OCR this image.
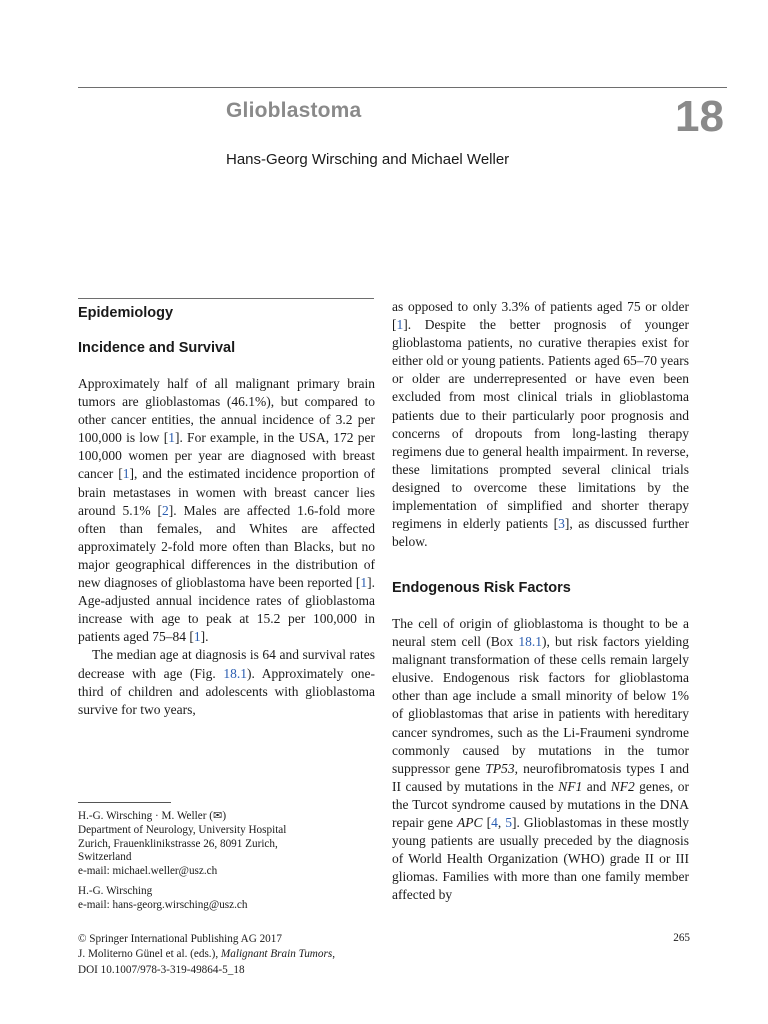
Glioblastoma	18
Hans-Georg Wirsching and Michael Weller
Epidemiology
Incidence and Survival

Approximately half of all malignant primary brain tumors are glioblastomas (46.1%), but compared to other cancer entities, the annual incidence of 3.2 per 100,000 is low [1]. For example, in the USA, 172 per 100,000 women per year are diagnosed with breast cancer [1], and the estimated incidence proportion of brain metastases in women with breast cancer lies around 5.1% [2]. Males are affected 1.6-fold more often than females, and Whites are affected approximately 2-fold more often than Blacks, but no major geographical differences in the distribution of new diagnoses of glioblastoma have been reported [1]. Age-adjusted annual incidence rates of glioblastoma increase with age to peak at 15.2 per 100,000 in patients aged 75–84 [1].

The median age at diagnosis is 64 and survival rates decrease with age (Fig. 18.1). Approximately one-third of children and adolescents with glioblastoma survive for two years,

H.-G. Wirsching · M. Weller (✉)
Department of Neurology, University Hospital
Zurich, Frauenklinikstrasse 26, 8091 Zurich,
Switzerland
e-mail: michael.weller@usz.ch
H.-G. Wirsching
e-mail: hans-georg.wirsching@usz.ch
© Springer International Publishing AG 2017
J. Moliterno Günel et al. (eds.), Malignant Brain Tumors,
DOI 10.1007/978-3-319-49864-5_18

as opposed to only 3.3% of patients aged 75 or older [1]. Despite the better prognosis of younger glioblastoma patients, no curative therapies exist for either old or young patients. Patients aged 65–70 years or older are underrepresented or have even been excluded from most clinical trials in glioblastoma patients due to their particularly poor prognosis and concerns of dropouts from long-lasting therapy regimens due to general health impairment. In reverse, these limitations prompted several clinical trials designed to overcome these limitations by the implementation of simplified and shorter therapy regimens in elderly patients [3], as discussed further below.

Endogenous Risk Factors

The cell of origin of glioblastoma is thought to be a neural stem cell (Box 18.1), but risk factors yielding malignant transformation of these cells remain largely elusive. Endogenous risk factors for glioblastoma other than age include a small minority of below 1% of glioblastomas that arise in patients with hereditary cancer syndromes, such as the Li-Fraumeni syndrome commonly caused by mutations in the tumor suppressor gene TP53, neurofibromatosis types I and II caused by mutations in the NF1 and NF2 genes, or the Turcot syndrome caused by mutations in the DNA repair gene APC [4, 5]. Glioblastomas in these mostly young patients are usually preceded by the diagnosis of World Health Organization (WHO) grade II or III gliomas. Families with more than one family member affected by

265
